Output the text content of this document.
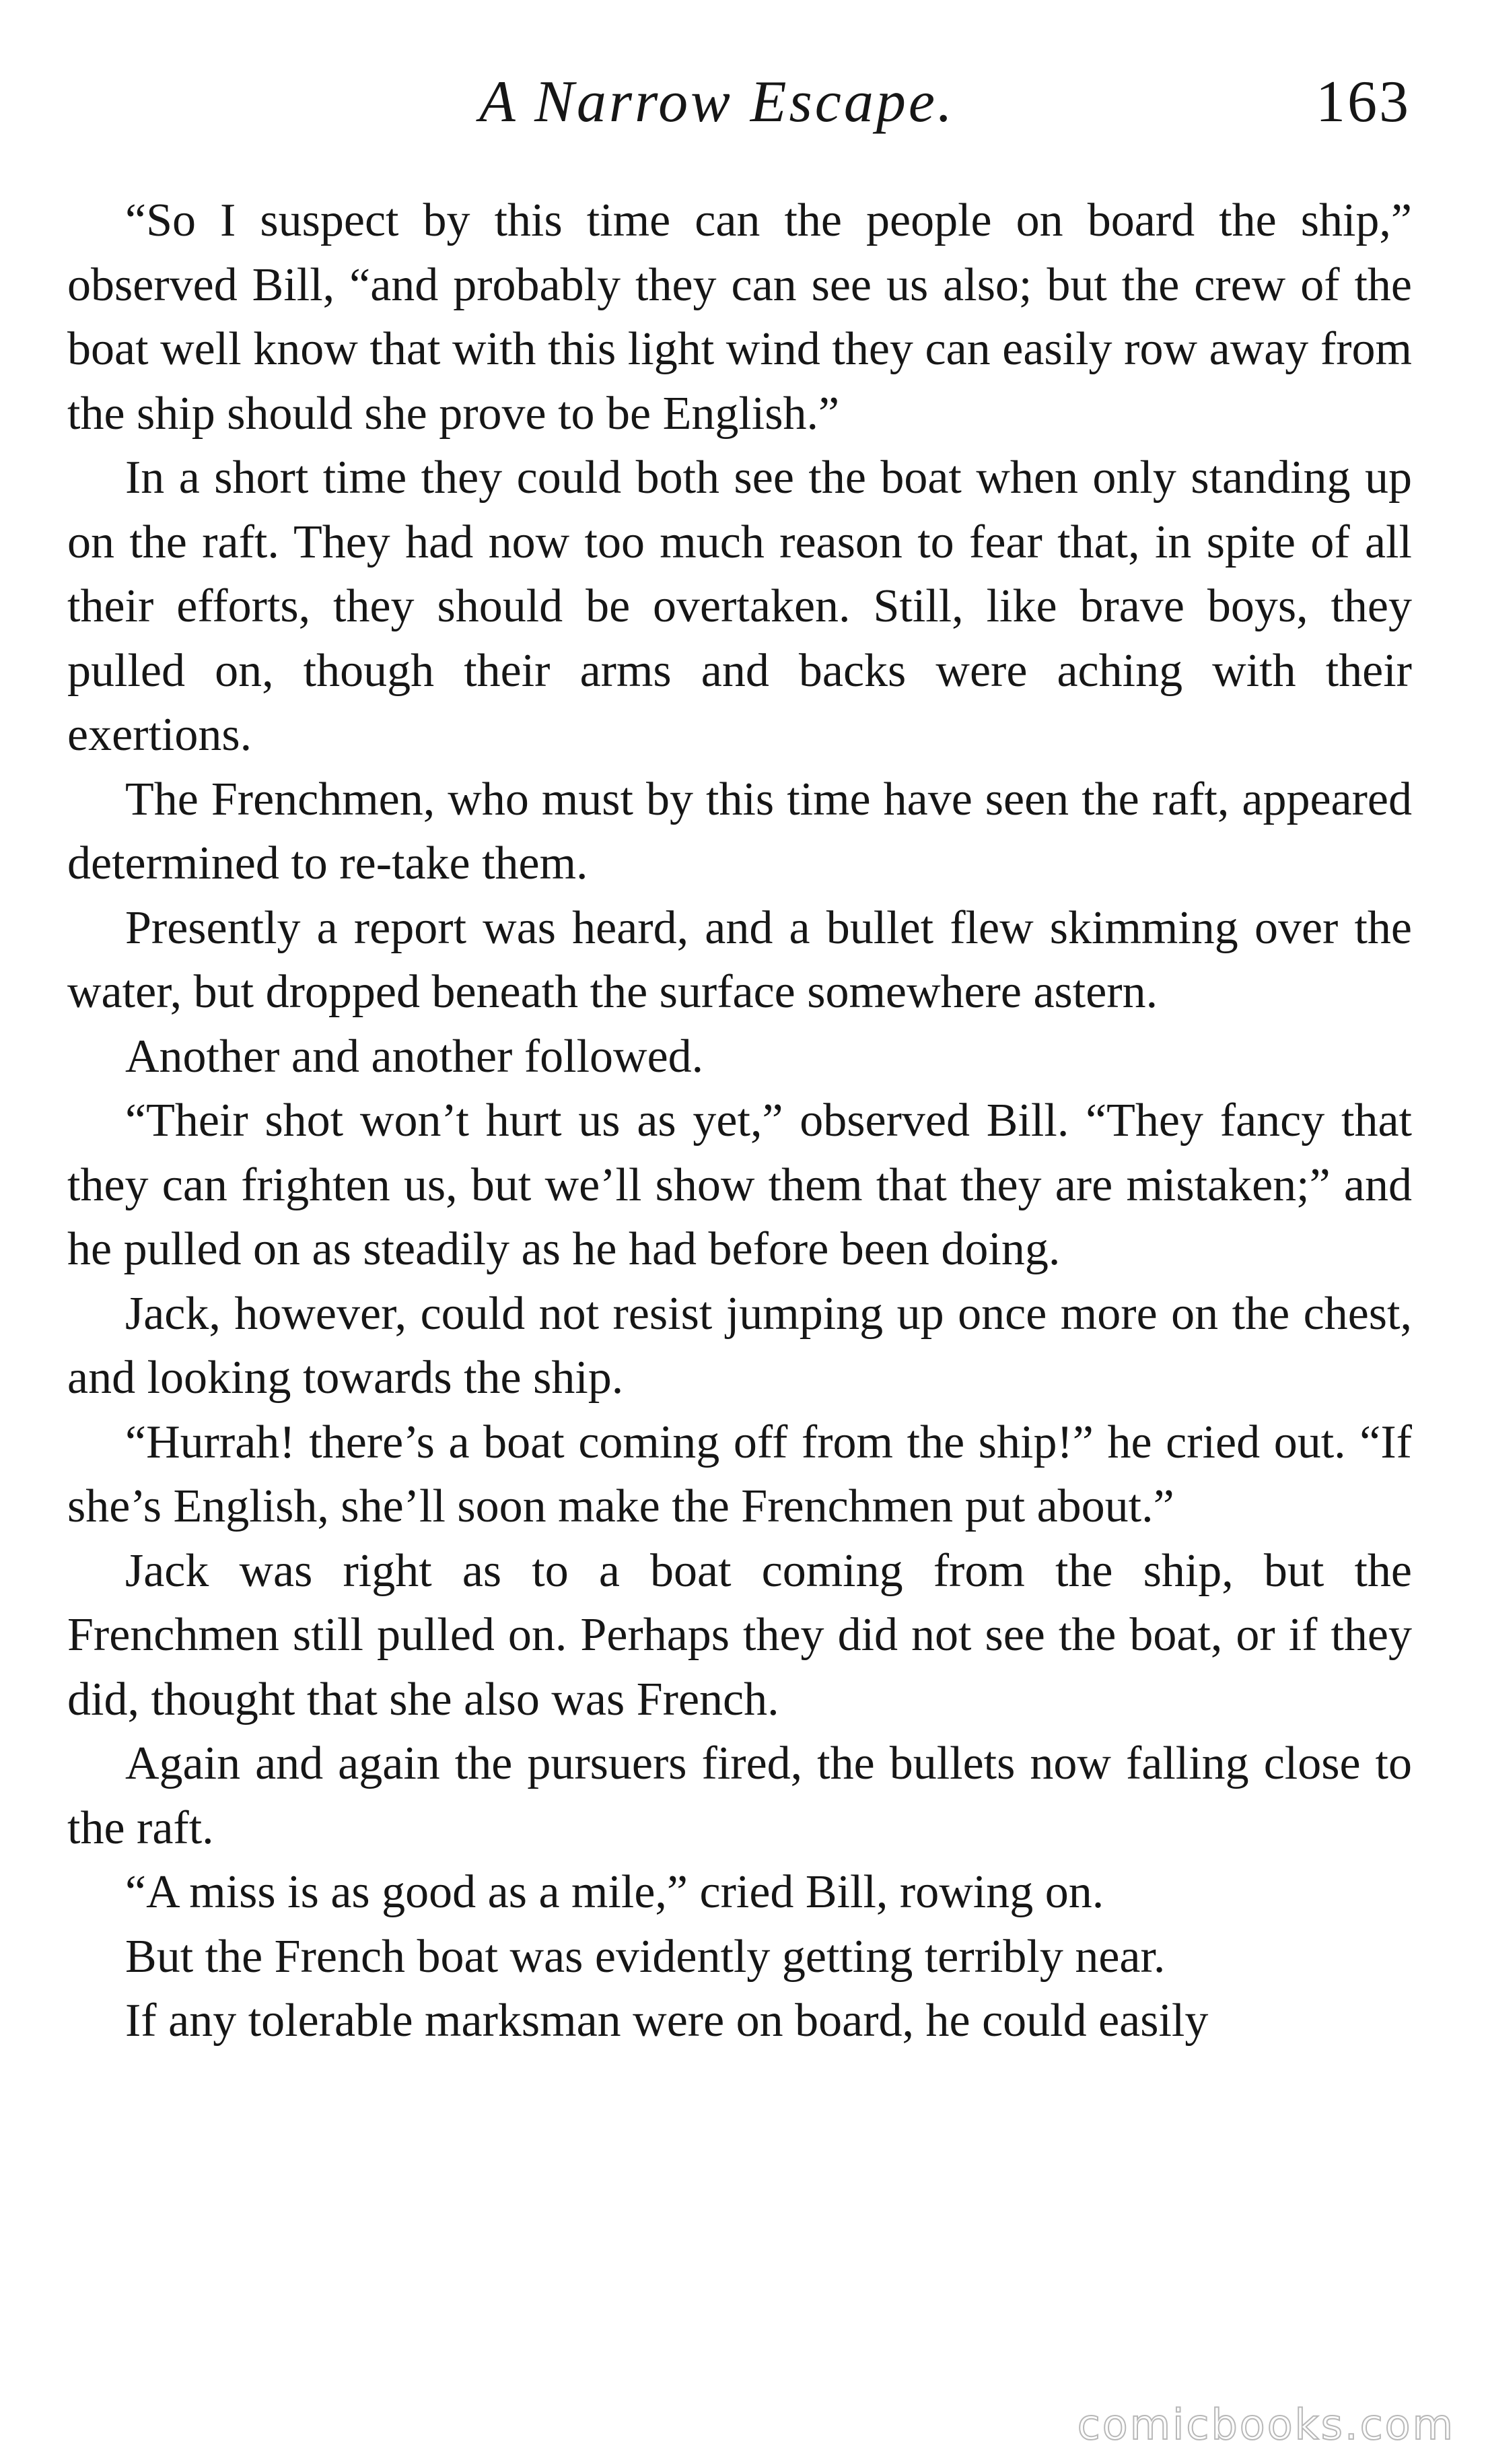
A Narrow Escape.	163

“So I suspect by this time can the people on board the ship,” observed Bill, “and probably they can see us also; but the crew of the boat well know that with this light wind they can easily row away from the ship should she prove to be English.”

In a short time they could both see the boat when only standing up on the raft. They had now too much reason to fear that, in spite of all their efforts, they should be overtaken. Still, like brave boys, they pulled on, though their arms and backs were aching with their exertions.

The Frenchmen, who must by this time have seen the raft, appeared determined to re-take them.

Presently a report was heard, and a bullet flew skimming over the water, but dropped beneath the surface somewhere astern.

Another and another followed.

“Their shot won’t hurt us as yet,” observed Bill. “They fancy that they can frighten us, but we’ll show them that they are mistaken;” and he pulled on as steadily as he had before been doing.

Jack, however, could not resist jumping up once more on the chest, and looking towards the ship.

“Hurrah! there’s a boat coming off from the ship!” he cried out. “If she’s English, she’ll soon make the Frenchmen put about.”

Jack was right as to a boat coming from the ship, but the Frenchmen still pulled on. Perhaps they did not see the boat, or if they did, thought that she also was French.

Again and again the pursuers fired, the bullets now falling close to the raft.

“A miss is as good as a mile,” cried Bill, rowing on.

But the French boat was evidently getting terribly near.

If any tolerable marksman were on board, he could easily

comicbooks.com
